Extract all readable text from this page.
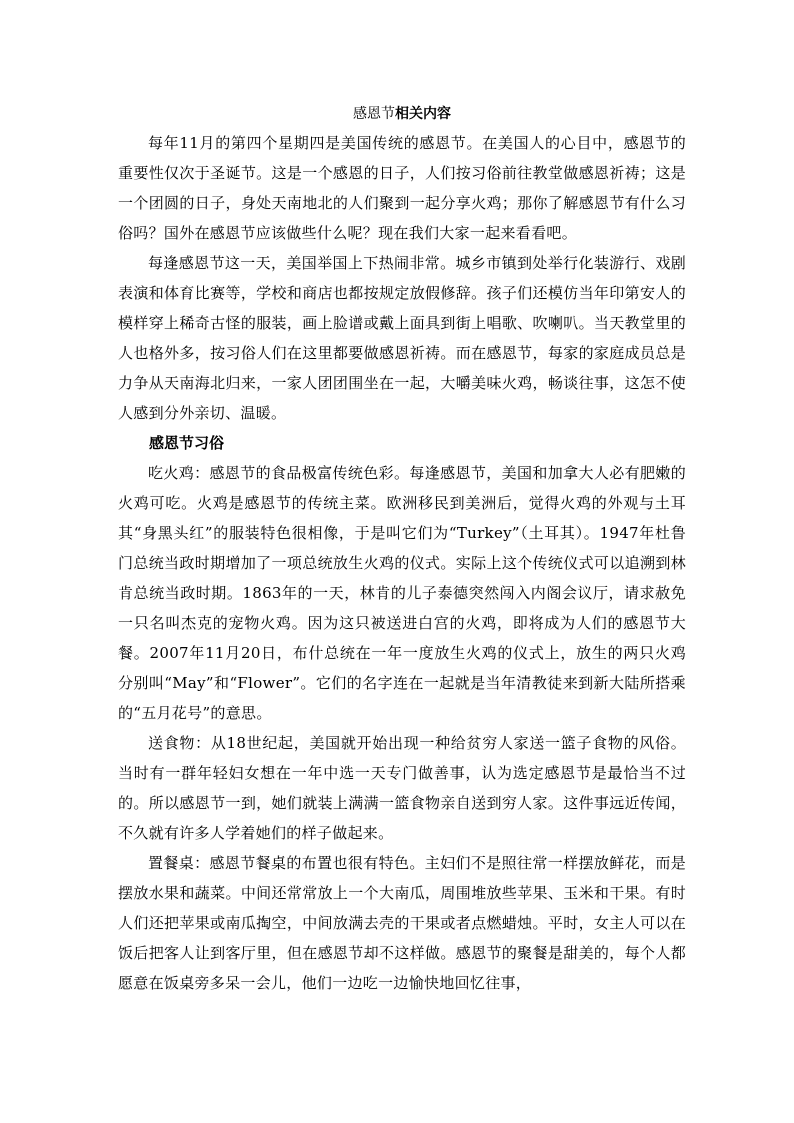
感恩节相关内容

每年11月的第四个星期四是美国传统的感恩节。在美国人的心目中，感恩节的重要性仅次于圣诞节。这是一个感恩的日子，人们按习俗前往教堂做感恩祈祷；这是一个团圆的日子，身处天南地北的人们聚到一起分享火鸡；那你了解感恩节有什么习俗吗？国外在感恩节应该做些什么呢？现在我们大家一起来看看吧。

每逢感恩节这一天，美国举国上下热闹非常。城乡市镇到处举行化装游行、戏剧表演和体育比赛等，学校和商店也都按规定放假修辞。孩子们还模仿当年印第安人的模样穿上稀奇古怪的服装，画上脸谱或戴上面具到街上唱歌、吹喇叭。当天教堂里的人也格外多，按习俗人们在这里都要做感恩祈祷。而在感恩节，每家的家庭成员总是力争从天南海北归来，一家人团团围坐在一起，大嚼美味火鸡，畅谈往事，这怎不使人感到分外亲切、温暖。

感恩节习俗

吃火鸡：感恩节的食品极富传统色彩。每逢感恩节，美国和加拿大人必有肥嫩的火鸡可吃。火鸡是感恩节的传统主菜。欧洲移民到美洲后，觉得火鸡的外观与土耳其“身黑头红”的服装特色很相像，于是叫它们为“Turkey”（土耳其）。1947年杜鲁门总统当政时期增加了一项总统放生火鸡的仪式。实际上这个传统仪式可以追溯到林肯总统当政时期。1863年的一天，林肯的儿子泰德突然闯入内阁会议厅，请求赦免一只名叫杰克的宠物火鸡。因为这只被送进白宫的火鸡，即将成为人们的感恩节大餐。2007年11月20日，布什总统在一年一度放生火鸡的仪式上，放生的两只火鸡分别叫“May”和“Flower”。它们的名字连在一起就是当年清教徒来到新大陆所搭乘的“五月花号”的意思。

送食物：从18世纪起，美国就开始出现一种给贫穷人家送一篮子食物的风俗。当时有一群年轻妇女想在一年中选一天专门做善事，认为选定感恩节是最恰当不过的。所以感恩节一到，她们就装上满满一篮食物亲自送到穷人家。这件事远近传闻，不久就有许多人学着她们的样子做起来。

置餐桌：感恩节餐桌的布置也很有特色。主妇们不是照往常一样摆放鲜花，而是摆放水果和蔬菜。中间还常常放上一个大南瓜，周围堆放些苹果、玉米和干果。有时人们还把苹果或南瓜掏空，中间放满去壳的干果或者点燃蜡烛。平时，女主人可以在饭后把客人让到客厅里，但在感恩节却不这样做。感恩节的聚餐是甜美的，每个人都愿意在饭桌旁多呆一会儿，他们一边吃一边愉快地回忆往事，
